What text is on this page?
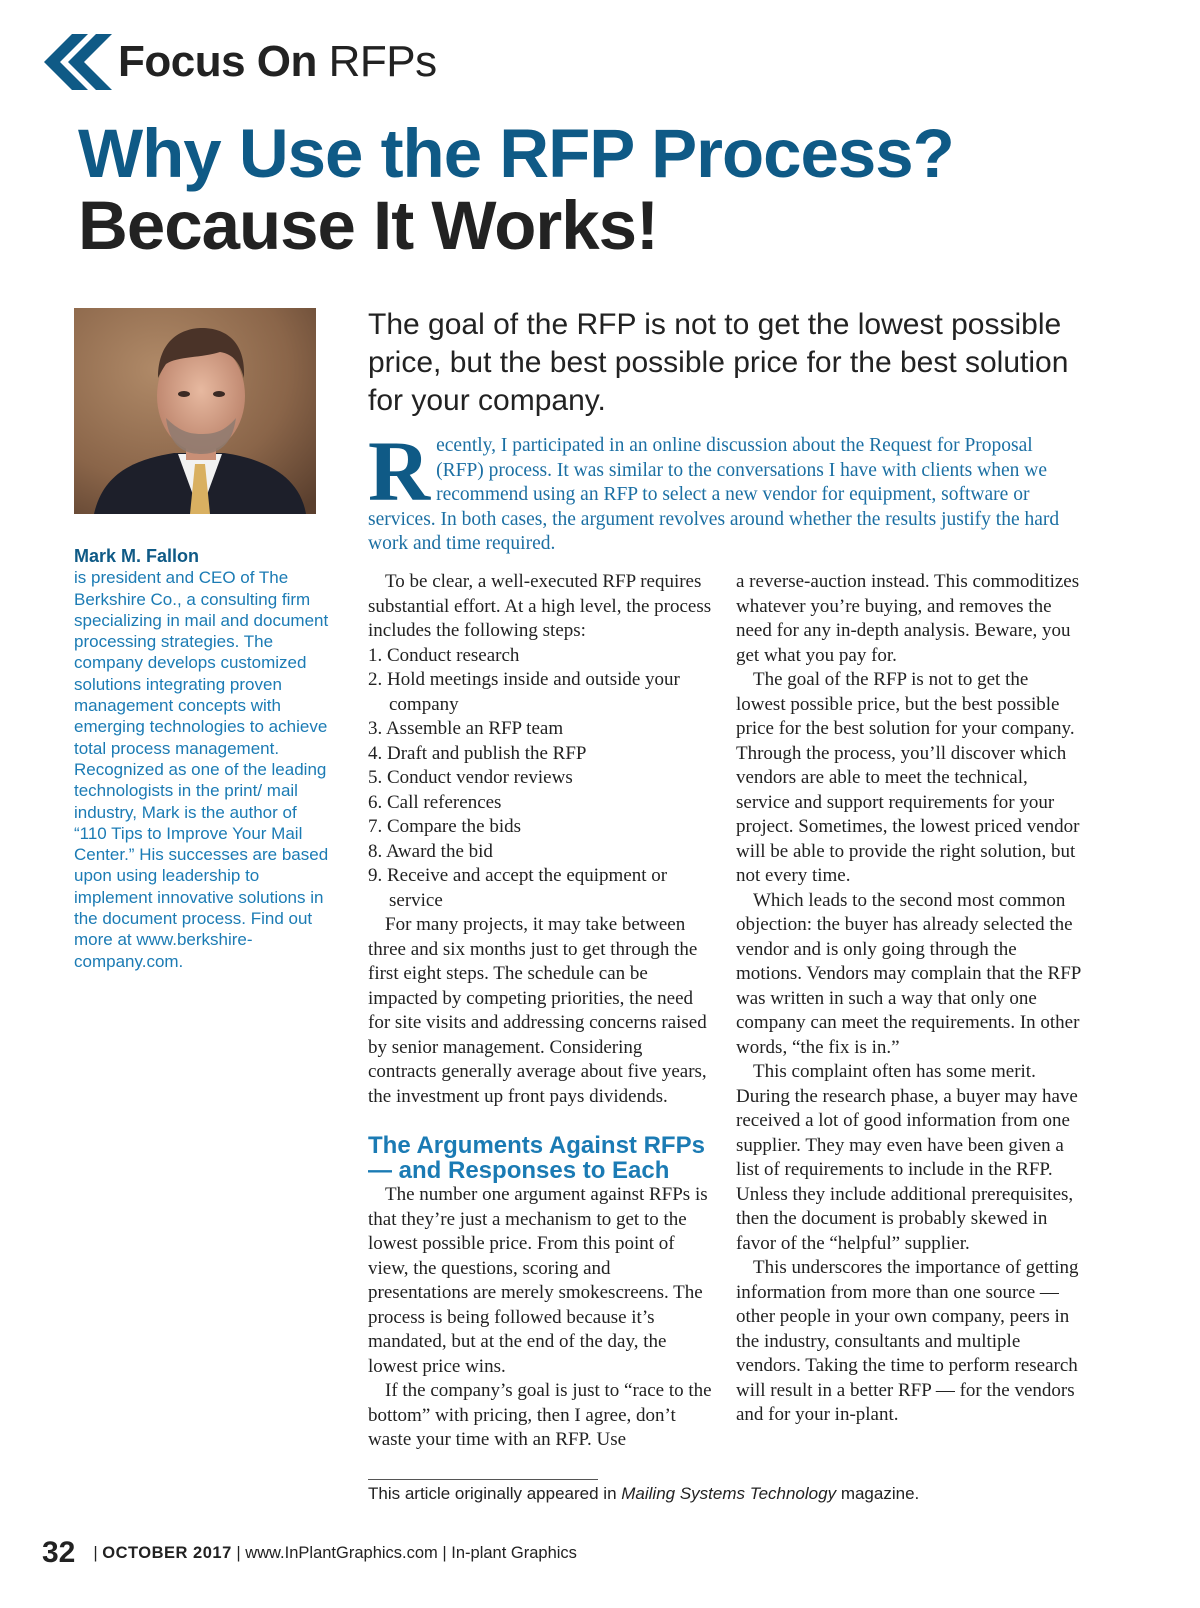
Focus On RFPs
Why Use the RFP Process?
Because It Works!
Mark M. Fallon
is president and CEO of The Berkshire Co., a consulting firm specializing in mail and document processing strategies. The company develops customized solutions integrating proven management concepts with emerging technologies to achieve total process management. Recognized as one of the leading technologists in the print/ mail industry, Mark is the author of “110 Tips to Improve Your Mail Center.” His successes are based upon using leadership to implement innovative solutions in the document process. Find out more at www.berkshire-company.com.
The goal of the RFP is not to get the lowest possible price, but the best possible price for the best solution for your company.
R ecently, I participated in an online discussion about the Request for Proposal (RFP) process. It was similar to the conversations I have with clients when we recommend using an RFP to select a new vendor for equipment, software or services. In both cases, the argument revolves around whether the results justify the hard work and time required.

To be clear, a well-executed RFP requires substantial effort. At a high level, the process includes the following steps:

1. Conduct research
2. Hold meetings inside and outside your company
3. Assemble an RFP team
4. Draft and publish the RFP
5. Conduct vendor reviews
6. Call references
7. Compare the bids
8. Award the bid
9. Receive and accept the equipment or service

For many projects, it may take between three and six months just to get through the first eight steps. The schedule can be impacted by competing priorities, the need for site visits and addressing concerns raised by senior management. Considering contracts generally average about five years, the investment up front pays dividends.

The Arguments Against RFPs — and Responses to Each

The number one argument against RFPs is that they’re just a mechanism to get to the lowest possible price. From this point of view, the questions, scoring and presentations are merely smokescreens. The process is being followed because it’s mandated, but at the end of the day, the lowest price wins.

If the company’s goal is just to “race to the bottom” with pricing, then I agree, don’t waste your time with an RFP. Use

a reverse-auction instead. This commoditizes whatever you’re buying, and removes the need for any in-depth analysis. Beware, you get what you pay for.

The goal of the RFP is not to get the lowest possible price, but the best possible price for the best solution for your company. Through the process, you’ll discover which vendors are able to meet the technical, service and support requirements for your project. Sometimes, the lowest priced vendor will be able to provide the right solution, but not every time.

Which leads to the second most common objection: the buyer has already selected the vendor and is only going through the motions. Vendors may complain that the RFP was written in such a way that only one company can meet the requirements. In other words, “the fix is in.”

This complaint often has some merit. During the research phase, a buyer may have received a lot of good information from one supplier. They may even have been given a list of requirements to include in the RFP. Unless they include additional prerequisites, then the document is probably skewed in favor of the “helpful” supplier.

This underscores the importance of getting information from more than one source — other people in your own company, peers in the industry, consultants and multiple vendors. Taking the time to perform research will result in a better RFP — for the vendors and for your in-plant.

This article originally appeared in Mailing Systems Technology magazine.
32 | OCTOBER 2017 | www.InPlantGraphics.com | In-plant Graphics
